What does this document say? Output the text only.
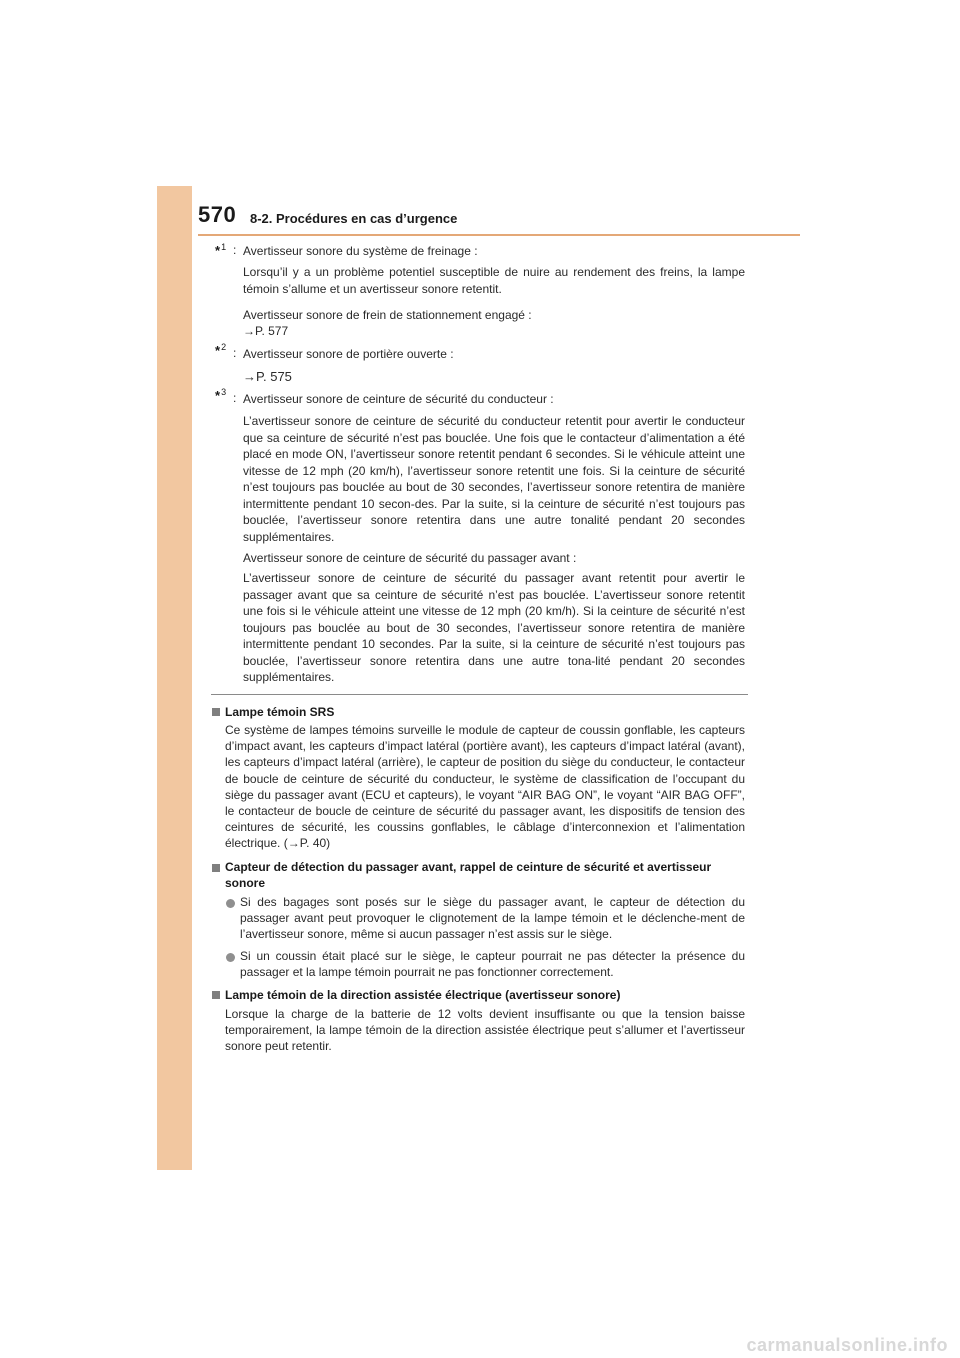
570 8-2. Procédures en cas d’urgence
*$^1$ : Avertisseur sonore du système de freinage :
Lorsqu’il y a un problème potentiel susceptible de nuire au rendement des freins, la lampe témoin s’allume et un avertisseur sonore retentit.
Avertisseur sonore de frein de stationnement engagé :
→P. 577
*$^2$ : Avertisseur sonore de portière ouverte :
→P. 575
*$^3$ : Avertisseur sonore de ceinture de sécurité du conducteur :
L’avertisseur sonore de ceinture de sécurité du conducteur retentit pour avertir le conducteur que sa ceinture de sécurité n’est pas bouclée. Une fois que le contacteur d’alimentation a été placé en mode ON, l’avertisseur sonore retentit pendant 6 secondes. Si le véhicule atteint une vitesse de 12 mph (20 km/h), l’avertisseur sonore retentit une fois. Si la ceinture de sécurité n’est toujours pas bouclée au bout de 30 secondes, l’avertisseur sonore retentira de manière intermittente pendant 10 secon-des. Par la suite, si la ceinture de sécurité n’est toujours pas bouclée, l’avertisseur sonore retentira dans une autre tonalité pendant 20 secondes supplémentaires.
Avertisseur sonore de ceinture de sécurité du passager avant :
L’avertisseur sonore de ceinture de sécurité du passager avant retentit pour avertir le passager avant que sa ceinture de sécurité n’est pas bouclée. L’avertisseur sonore retentit une fois si le véhicule atteint une vitesse de 12 mph (20 km/h). Si la ceinture de sécurité n’est toujours pas bouclée au bout de 30 secondes, l’avertisseur sonore retentira de manière intermittente pendant 10 secondes. Par la suite, si la ceinture de sécurité n’est toujours pas bouclée, l’avertisseur sonore retentira dans une autre tona-lité pendant 20 secondes supplémentaires.
Lampe témoin SRS
Ce système de lampes témoins surveille le module de capteur de coussin gonflable, les capteurs d’impact avant, les capteurs d’impact latéral (portière avant), les capteurs d’impact latéral (avant), les capteurs d’impact latéral (arrière), le capteur de position du siège du conducteur, le contacteur de boucle de ceinture de sécurité du conducteur, le système de classification de l’occupant du siège du passager avant (ECU et capteurs), le voyant “AIR BAG ON”, le voyant “AIR BAG OFF”, le contacteur de boucle de ceinture de sécurité du passager avant, les dispositifs de tension des ceintures de sécurité, les coussins gonflables, le câblage d’interconnexion et l’alimentation électrique. (→P. 40)
Capteur de détection du passager avant, rappel de ceinture de sécurité et avertisseur sonore
Si des bagages sont posés sur le siège du passager avant, le capteur de détection du passager avant peut provoquer le clignotement de la lampe témoin et le déclenche-ment de l’avertisseur sonore, même si aucun passager n’est assis sur le siège.
Si un coussin était placé sur le siège, le capteur pourrait ne pas détecter la présence du passager et la lampe témoin pourrait ne pas fonctionner correctement.
Lampe témoin de la direction assistée électrique (avertisseur sonore)
Lorsque la charge de la batterie de 12 volts devient insuffisante ou que la tension baisse temporairement, la lampe témoin de la direction assistée électrique peut s’allumer et l’avertisseur sonore peut retentir.
carmanualsonline.info
